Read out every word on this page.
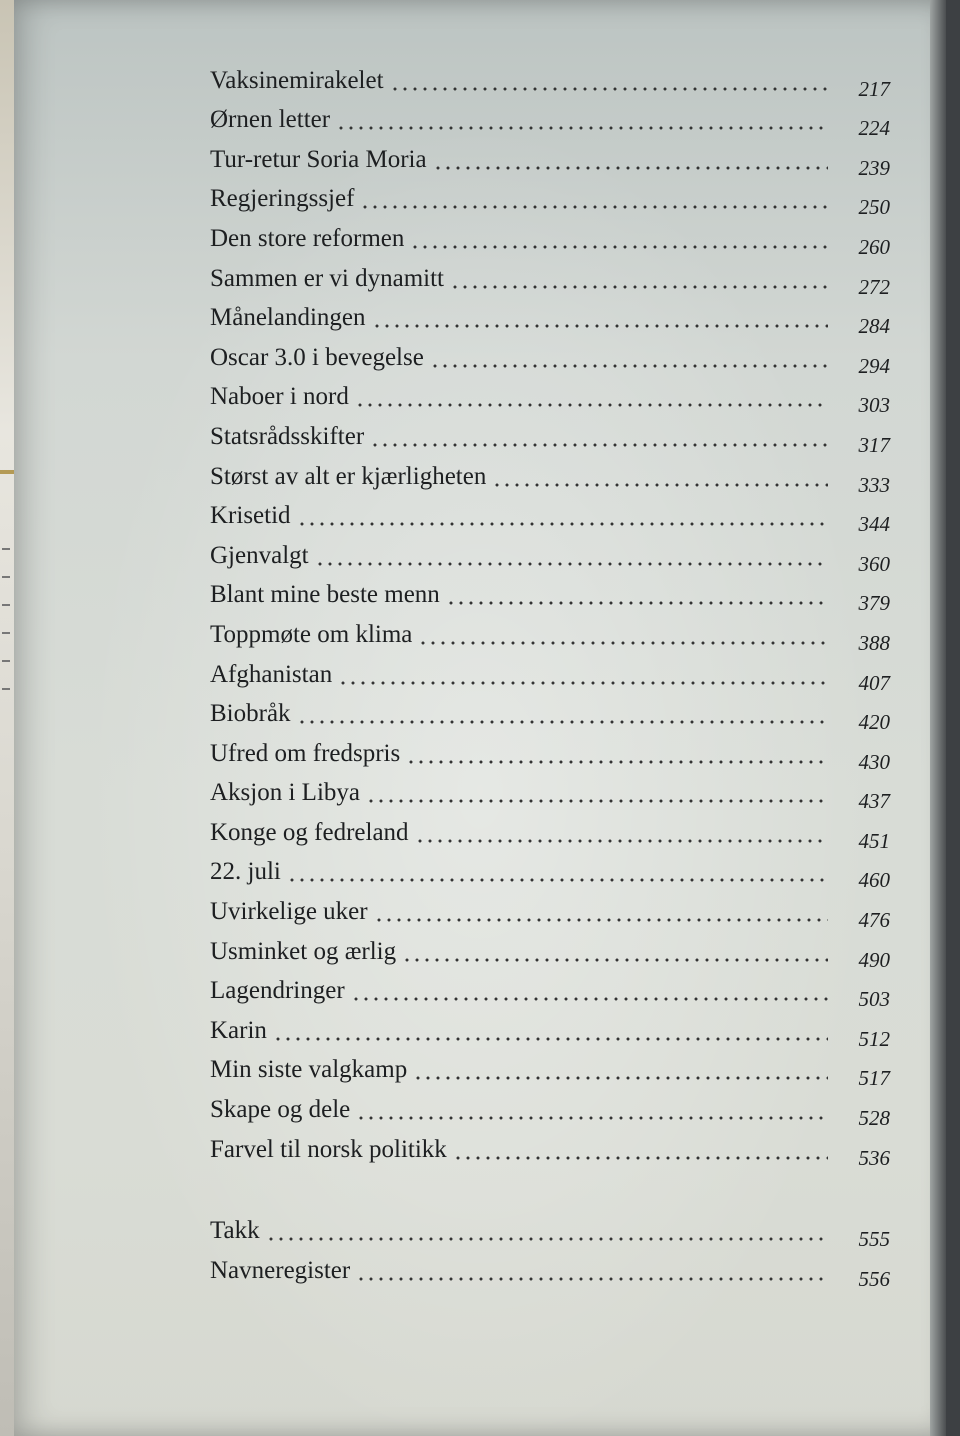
Vaksinemirakelet	217
Ørnen letter	224
Tur-retur Soria Moria	239
Regjeringssjef	250
Den store reformen	260
Sammen er vi dynamitt	272
Månelandingen	284
Oscar 3.0 i bevegelse	294
Naboer i nord	303
Statsrådsskifter	317
Størst av alt er kjærligheten	333
Krisetid	344
Gjenvalgt	360
Blant mine beste menn	379
Toppmøte om klima	388
Afghanistan	407
Biobråk	420
Ufred om fredspris	430
Aksjon i Libya	437
Konge og fedreland	451
22. juli	460
Uvirkelige uker	476
Usminket og ærlig	490
Lagendringer	503
Karin	512
Min siste valgkamp	517
Skape og dele	528
Farvel til norsk politikk	536
Takk	555
Navneregister	556
